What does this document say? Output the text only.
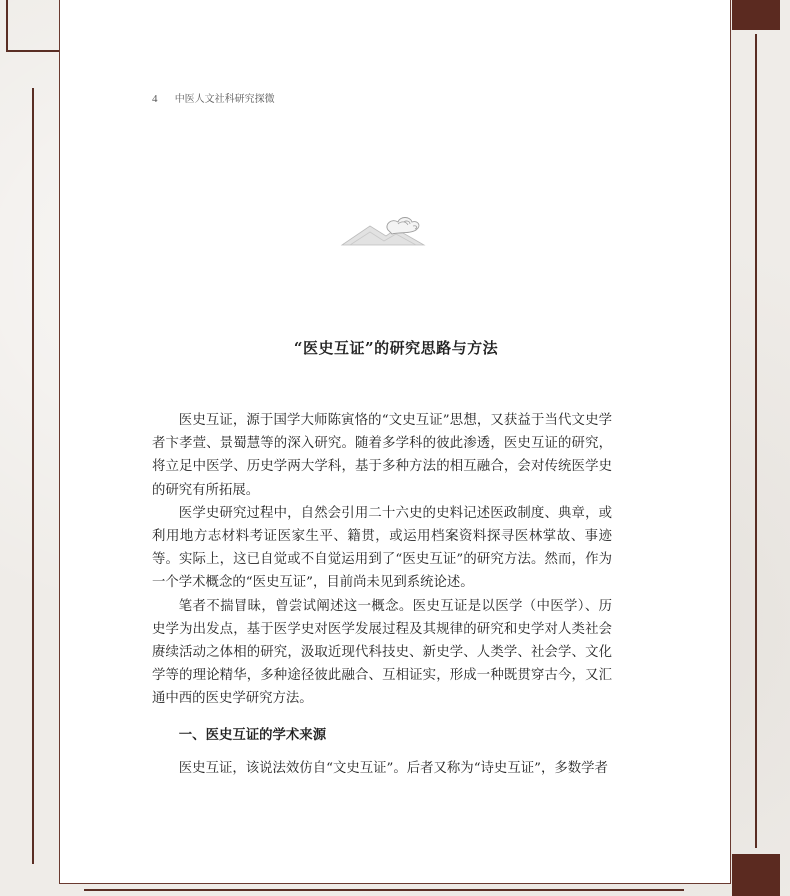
4 中医人文社科研究探微
“医史互证”的研究思路与方法

医史互证，源于国学大师陈寅恪的“文史互证”思想，又获益于当代文史学者卞孝萱、景蜀慧等的深入研究。随着多学科的彼此渗透，医史互证的研究，将立足中医学、历史学两大学科，基于多种方法的相互融合，会对传统医学史的研究有所拓展。

医学史研究过程中，自然会引用二十六史的史料记述医政制度、典章，或利用地方志材料考证医家生平、籍贯，或运用档案资料探寻医林掌故、事迹等。实际上，这已自觉或不自觉运用到了“医史互证”的研究方法。然而，作为一个学术概念的“医史互证”，目前尚未见到系统论述。

笔者不揣冒昧，曾尝试阐述这一概念。医史互证是以医学（中医学）、历史学为出发点，基于医学史对医学发展过程及其规律的研究和史学对人类社会赓续活动之体相的研究，汲取近现代科技史、新史学、人类学、社会学、文化学等的理论精华，多种途径彼此融合、互相证实，形成一种既贯穿古今，又汇通中西的医史学研究方法。

一、医史互证的学术来源

医史互证，该说法效仿自“文史互证”。后者又称为“诗史互证”，多数学者
